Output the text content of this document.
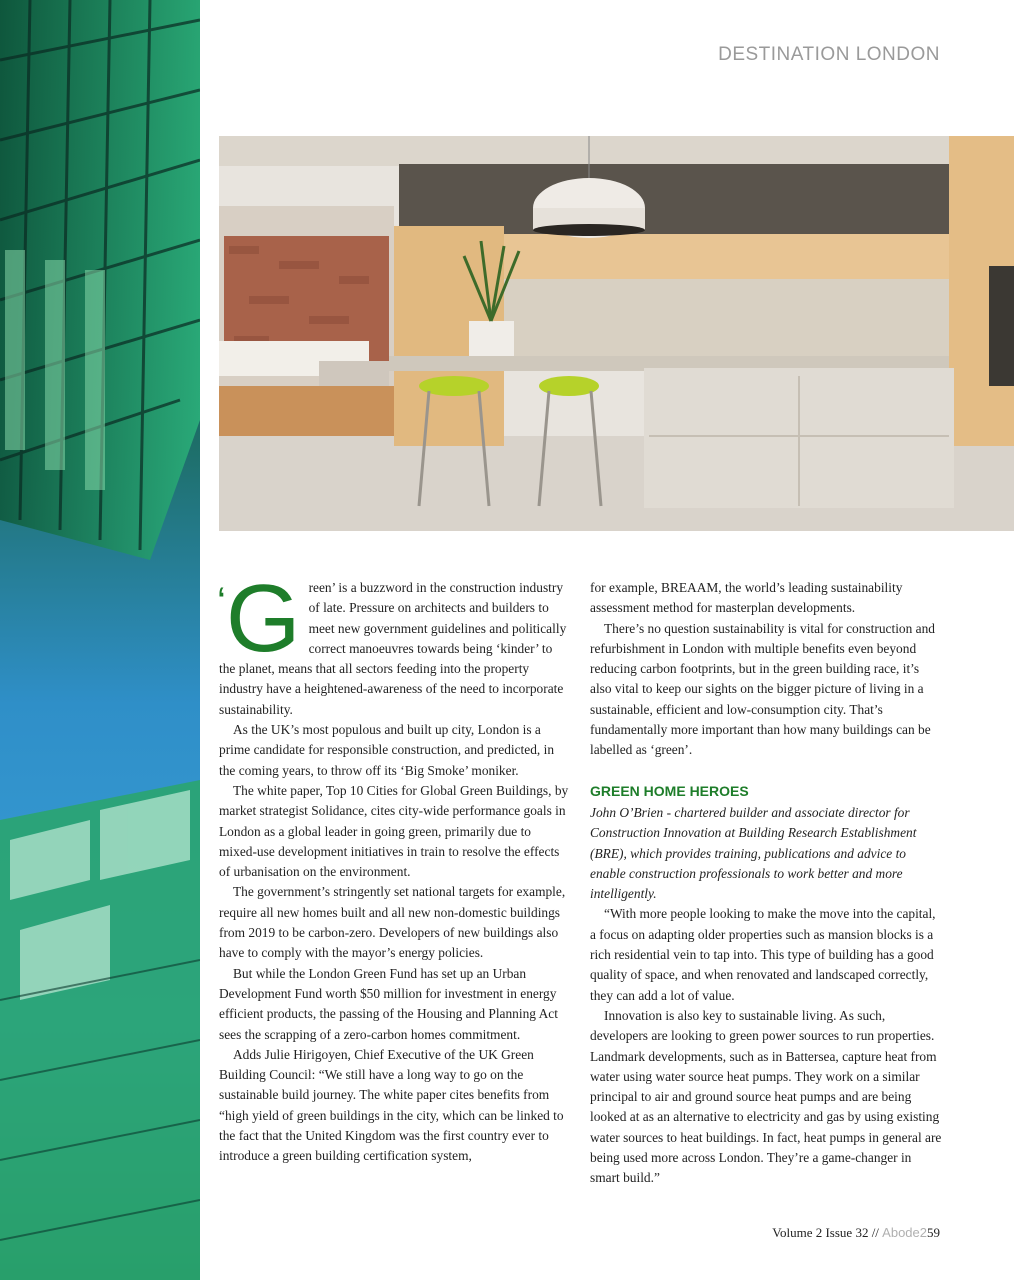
DESTINATION LONDON

‘G reen’ is a buzzword in the construction industry of late. Pressure on architects and builders to meet new government guidelines and politically correct manoeuvres towards being ‘kinder’ to the planet, means that all sectors feeding into the property industry have a heightened-awareness of the need to incorporate sustainability.

As the UK’s most populous and built up city, London is a prime candidate for responsible construction, and predicted, in the coming years, to throw off its ‘Big Smoke’ moniker.

The white paper, Top 10 Cities for Global Green Buildings, by market strategist Solidance, cites city-wide performance goals in London as a global leader in going green, primarily due to mixed-use development initiatives in train to resolve the effects of urbanisation on the environment.

The government’s stringently set national targets for example, require all new homes built and all new non-domestic buildings from 2019 to be carbon-zero. Developers of new buildings also have to comply with the mayor’s energy policies.

But while the London Green Fund has set up an Urban Development Fund worth $50 million for investment in energy efficient products, the passing of the Housing and Planning Act sees the scrapping of a zero-carbon homes commitment.

Adds Julie Hirigoyen, Chief Executive of the UK Green Building Council: “We still have a long way to go on the sustainable build journey. The white paper cites benefits from “high yield of green buildings in the city, which can be linked to the fact that the United Kingdom was the first country ever to introduce a green building certification system,

for example, BREAAM, the world’s leading sustainability assessment method for masterplan developments.

There’s no question sustainability is vital for construction and refurbishment in London with multiple benefits even beyond reducing carbon footprints, but in the green building race, it’s also vital to keep our sights on the bigger picture of living in a sustainable, efficient and low-consumption city. That’s fundamentally more important than how many buildings can be labelled as ‘green’.

GREEN HOME HEROES

John O’Brien - chartered builder and associate director for Construction Innovation at Building Research Establishment (BRE), which provides training, publications and advice to enable construction professionals to work better and more intelligently.

“With more people looking to make the move into the capital, a focus on adapting older properties such as mansion blocks is a rich residential vein to tap into. This type of building has a good quality of space, and when renovated and landscaped correctly, they can add a lot of value.

Innovation is also key to sustainable living. As such, developers are looking to green power sources to run properties. Landmark developments, such as in Battersea, capture heat from water using water source heat pumps. They work on a similar principal to air and ground source heat pumps and are being looked at as an alternative to electricity and gas by using existing water sources to heat buildings. In fact, heat pumps in general are being used more across London. They’re a game-changer in smart build.”

Volume 2 Issue 32 // Abode259
